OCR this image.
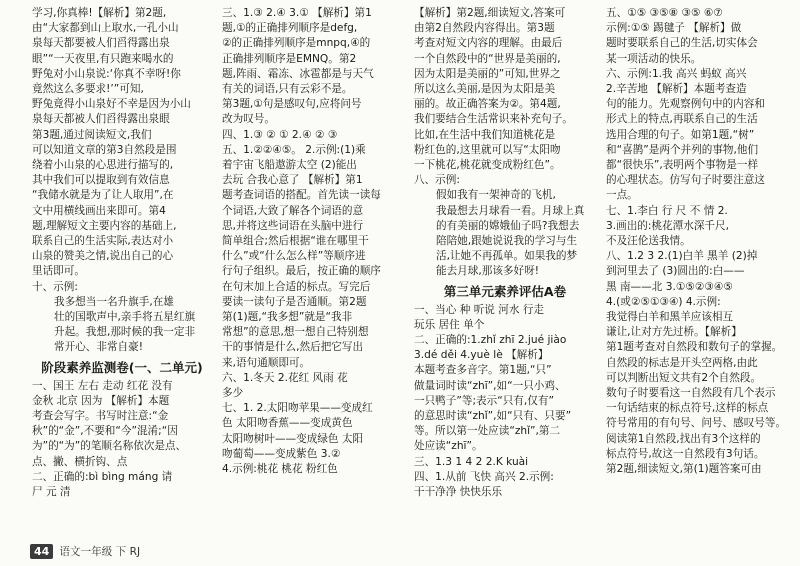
学习,你真棒!【解析】第2题,
由“大家都到山上取水,一孔小山
泉每天都要被人们舀得露出泉
眼”“一天夜里,有只跑来喝水的
野兔对小山泉说:‘你真不幸呀!你
竟然这么多要求!’”可知,
野兔竟得小山泉好不幸是因为小山
泉每天都被人们舀得露出泉眼
第3题,通过阅读短文,我们
可以知道文章的第3自然段是围
绕着小山泉的心思进行描写的,
其中我们可以提取到有效信息
“我储水就是为了让人取用”,在
文中用横线画出来即可。第4
题,理解短文主要内容的基础上,
联系自己的生活实际,表达对小
山泉的赞美之情,说出自己的心
里话即可。
十、示例:
我多想当一名升旗手,在雄
壮的国歌声中,亲手将五星红旗
升起。我想,那时候的我一定非
常开心、非常自豪!
阶段素养监测卷(一、二单元)
一、国王 左右 走动 红花 没有
金秋 北京 因为 【解析】本题
考查会写字。书写时注意:“金
秋”的“金”,不要和“今”混淆;“因
为”的“为”的笔顺名称依次是点、
点、撇、横折钩、点
二、正确的:bì bìng máng 请
尸 元 清
三、1.③ 2.④ 3.① 【解析】第1
题,①的正确排列顺序是defg,
②的正确排列顺序是mnpq,④的
正确排列顺序是EMNQ。第2
题,阵雨、霜冻、冰雹都是与天气
有关的词语,只有云彩不是。
第3题,①句是感叹句,应将问号
改为叹号。
四、1.③ ② ① 2.④ ② ③
五、1.②②④⑤。 2.示例:(1)乘
着宇宙飞船遨游太空 (2)能出
去玩 合我心意了 【解析】第1
题考查词语的搭配。首先读一读每
个词语,大致了解各个词语的意
思,并将这些词语在头脑中进行
简单组合;然后根据“谁在哪里干
什么”或“什么怎么样”等顺序进
行句子组织。最后，按正确的顺序
在句末加上合适的标点。写完后
要读一读句子是否通顺。第2题
第(1)题,“我多想”就是“我非
常想”的意思,想一想自己特别想
干的事情是什么,然后把它写出
来,语句通顺即可。
六、1.冬天 2.花红 风雨 花
多少
七、1. 2.太阳吻苹果——变成红
色 太阳吻香蕉——变成黄色
太阳吻树叶——变成绿色 太阳
吻葡萄——变成紫色 3.②
4.示例:桃花 桃花 粉红色
【解析】第2题,细读短文,答案可
由第2自然段内容得出。第3题
考查对短文内容的理解。由最后
一个自然段中的“世界是美丽的,
因为太阳是美丽的”可知,世界之
所以这么美丽,是因为太阳是美
丽的。故正确答案为②。第4题,
我们要结合生活常识来补充句子。
比如,在生活中我们知道桃花是
粉红色的,这里就可以写“太阳吻
一下桃花,桃花就变成粉红色”。
八、示例:
假如我有一架神奇的飞机,
我最想去月球看一看。月球上真
的有美丽的嫦娥仙子吗?我想去
陪陪她,跟她说说我的学习与生
活,让她不再孤单。如果我的梦
能去月球,那该多好呀!
第三单元素养评估A卷
一、当心 种 听说 河水 行走
玩乐 居住 单个
二、正确的:1.zhǐ zhī 2.jué jiào
3.dé děi 4.yuè lè 【解析】
本题考查多音字。第1题,“只”
做量词时读“zhī”,如“一只小鸡、
一只鸭子”等;表示“只有,仅有”
的意思时读“zhǐ”,如“只有、只要”
等。所以第一处应读“zhǐ”,第二
处应读“zhī”。
三、1.3 1 4 2 2.K kuài
四、1.从前 飞快 高兴 2.示例:
干干净净 快快乐乐
五、①⑤ ③⑤⑧ ③⑤ ⑥⑦
示例:①⑤ 踢毽子 【解析】做
题时要联系自己的生活,切实体会
某一项活动的快乐。
六、示例:1.我 高兴 蚂蚁 高兴
2.辛苦地 【解析】本题考查造
句的能力。先观察例句中的内容和
形式上的特点,再联系自己的生活
选用合理的句子。如第1题,“树”
和“喜鹊”是两个并列的事物,他们
都“很快乐”,表明两个事物是一样
的心理状态。仿写句子时要注意这
一点。
七、1.李白 行 尺 不 情 2.
3.画出的:桃花潭水深千尺,
不及汪伦送我情。
八、1.2 3 2.(1)白羊 黑羊 (2)掉
到河里去了 (3)圆出的:白——
黑 南——北 3.①⑤②③④⑤
4.(或②⑤①③④) 4.示例:
我觉得白羊和黑羊应该相互
谦让,让对方先过桥。【解析】
第1题考查对自然段和数句子的掌握。
自然段的标志是开头空两格,由此
可以判断出短文共有2个自然段。
数句子时要看这一自然段有几个表示
一句话结束的标点符号,这样的标点
符号常用的有句号、问号、感叹号等。
阅读第1自然段,找出有3个这样的
标点符号,故这一自然段有3句话。
第2题,细读短文,第(1)题答案可由
44 语文一年级 下 RJ
